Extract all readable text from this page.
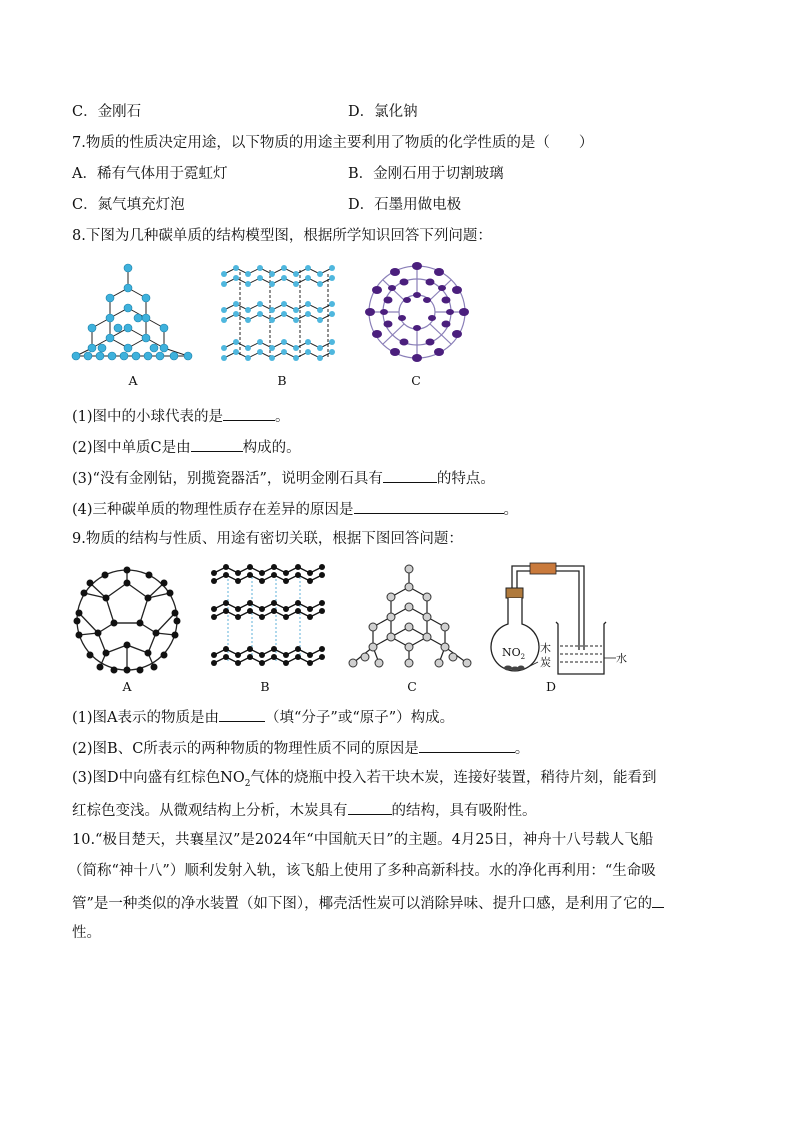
C．金刚石	D．氯化钠
7.物质的性质决定用途，以下物质的用途主要利用了物质的化学性质的是（　　）
A．稀有气体用于霓虹灯	B．金刚石用于切割玻璃
C．氮气填充灯泡	D．石墨用做电极
8.下图为几种碳单质的结构模型图，根据所学知识回答下列问题：
A	B	C
(1)图中的小球代表的是	。
(2)图中单质C是由	构成的。
(3)“没有金刚钻，别揽瓷器活”，说明金刚石具有	的特点。
(4)三种碳单质的物理性质存在差异的原因是	。
9.物质的结构与性质、用途有密切关联，根据下图回答问题：
A	B	C
$NO_2$
木
炭	水
D
(1)图A表示的物质是由	（填“分子”或“原子”）构成。
(2)图B、C所表示的两种物质的物理性质不同的原因是	。
(3)图D中向盛有红棕色$NO_2$气体的烧瓶中投入若干块木炭，连接好装置，稍待片刻，能看到
红棕色变浅。从微观结构上分析，木炭具有	的结构，具有吸附性。
10.“极目楚天，共襄星汉”是2024年“中国航天日”的主题。4月25日，神舟十八号载人飞船
（简称“神十八”）顺利发射入轨，该飞船上使用了多种高新科技。水的净化再利用：“生命吸
管”是一种类似的净水装置（如下图），椰壳活性炭可以消除异味、提升口感，是利用了它的
性。
